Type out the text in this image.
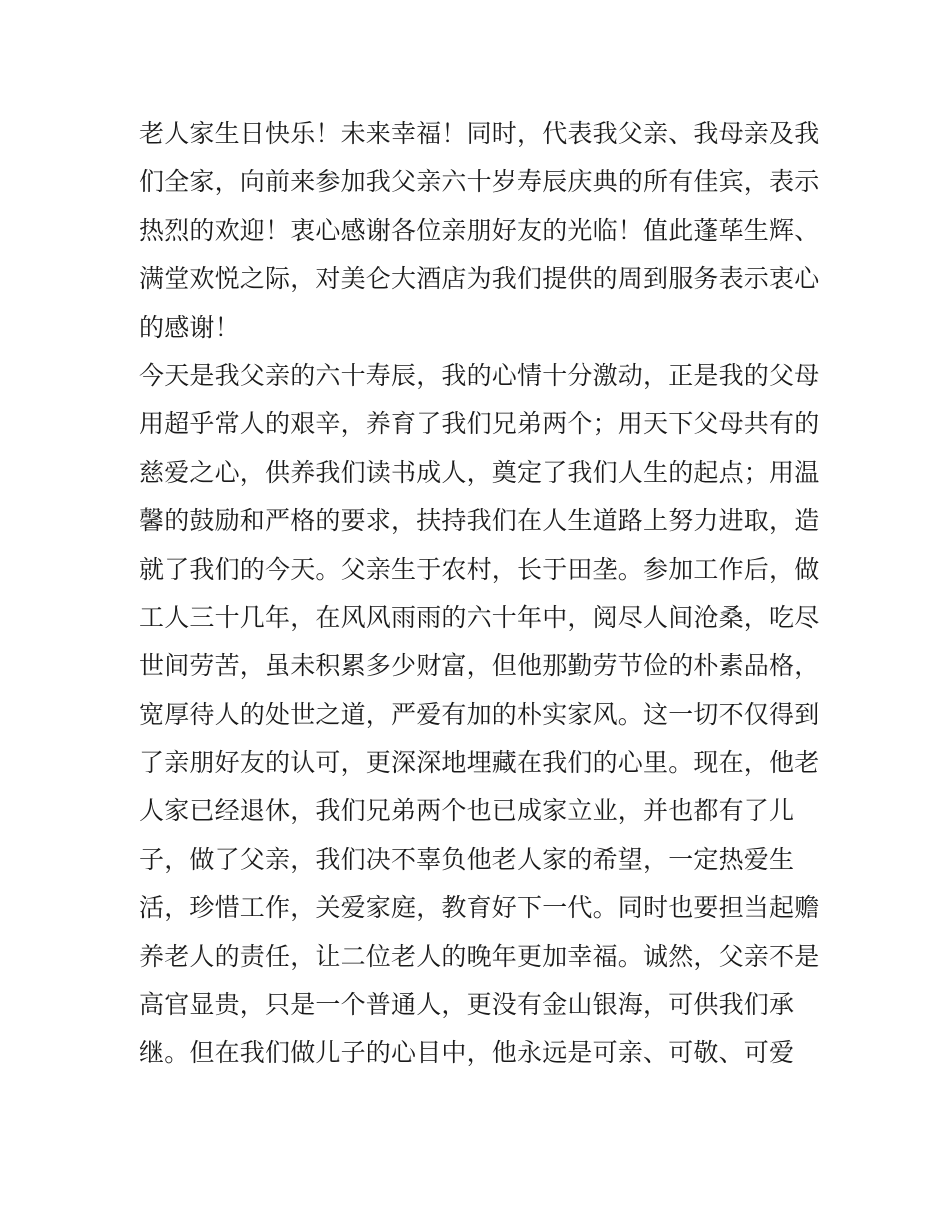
老人家生日快乐！未来幸福！同时，代表我父亲、我母亲及我
们全家，向前来参加我父亲六十岁寿辰庆典的所有佳宾，表示
热烈的欢迎！衷心感谢各位亲朋好友的光临！值此蓬荜生辉、
满堂欢悦之际，对美仑大酒店为我们提供的周到服务表示衷心
的感谢！
今天是我父亲的六十寿辰，我的心情十分激动，正是我的父母
用超乎常人的艰辛，养育了我们兄弟两个；用天下父母共有的
慈爱之心，供养我们读书成人，奠定了我们人生的起点；用温
馨的鼓励和严格的要求，扶持我们在人生道路上努力进取，造
就了我们的今天。父亲生于农村，长于田垄。参加工作后，做
工人三十几年，在风风雨雨的六十年中，阅尽人间沧桑，吃尽
世间劳苦，虽未积累多少财富，但他那勤劳节俭的朴素品格，
宽厚待人的处世之道，严爱有加的朴实家风。这一切不仅得到
了亲朋好友的认可，更深深地埋藏在我们的心里。现在，他老
人家已经退休，我们兄弟两个也已成家立业，并也都有了儿
子，做了父亲，我们决不辜负他老人家的希望，一定热爱生
活，珍惜工作，关爱家庭，教育好下一代。同时也要担当起赡
养老人的责任，让二位老人的晚年更加幸福。诚然，父亲不是
高官显贵，只是一个普通人，更没有金山银海，可供我们承
继。但在我们做儿子的心目中，他永远是可亲、可敬、可爱
